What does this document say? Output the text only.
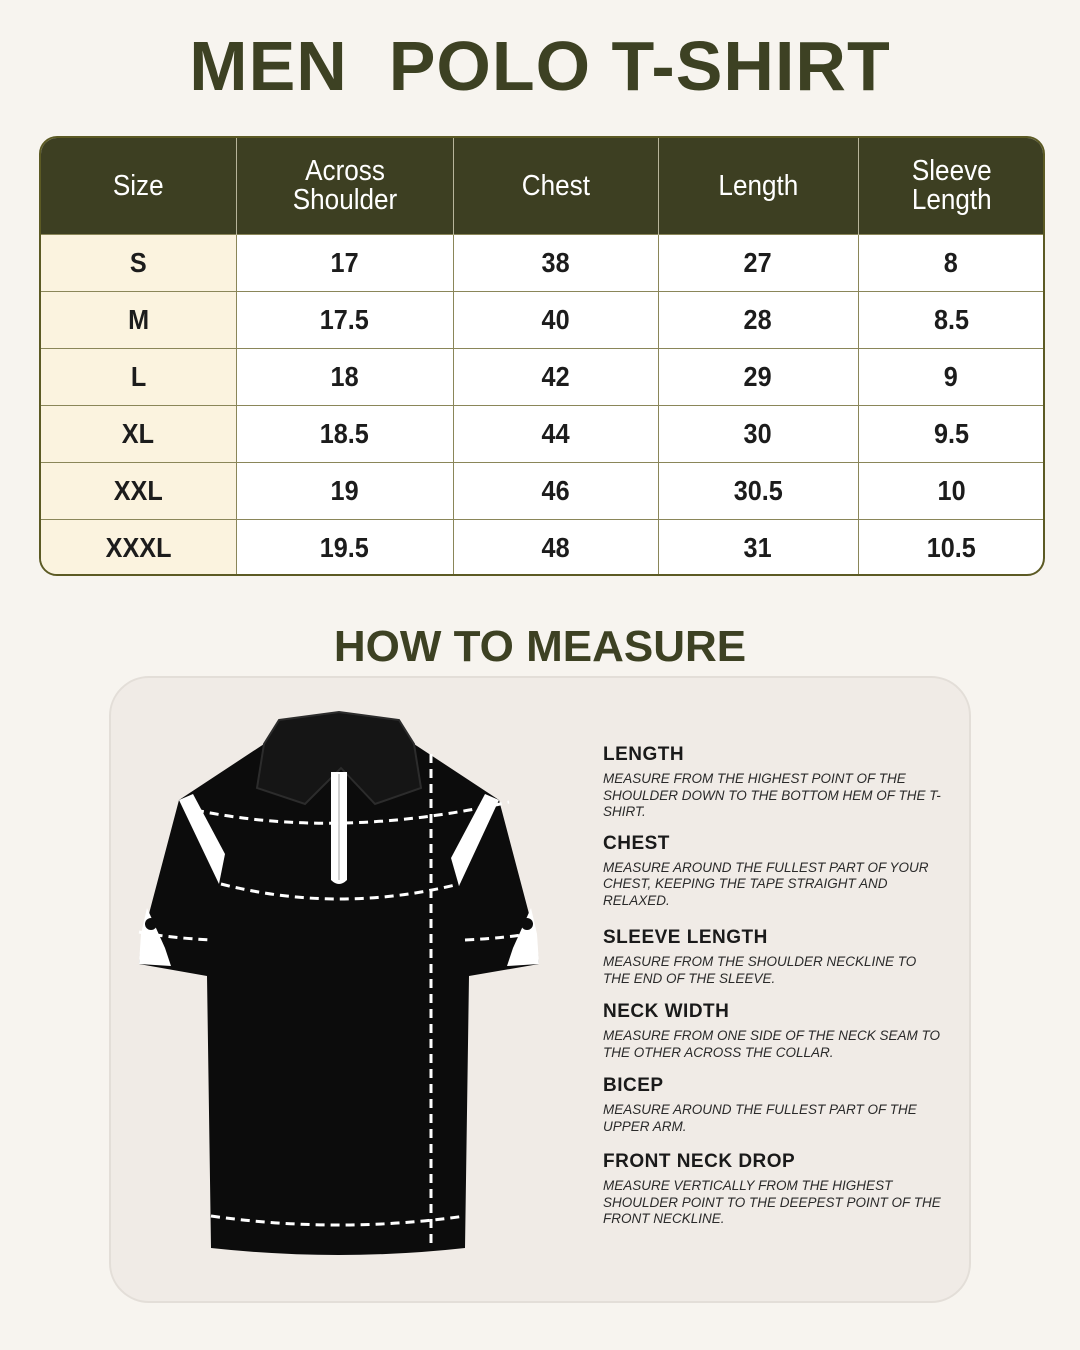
MEN  POLO T-SHIRT
Size	Across Shoulder	Chest	Length	Sleeve Length
S	17	38	27	8
M	17.5	40	28	8.5
L	18	42	29	9
XL	18.5	44	30	9.5
XXL	19	46	30.5	10
XXXL	19.5	48	31	10.5
HOW TO MEASURE
LENGTH
MEASURE FROM THE HIGHEST POINT OF THE SHOULDER DOWN TO THE BOTTOM HEM OF THE T-SHIRT.
CHEST
MEASURE AROUND THE FULLEST PART OF YOUR CHEST, KEEPING THE TAPE STRAIGHT AND RELAXED.
SLEEVE LENGTH
MEASURE FROM THE SHOULDER NECKLINE TO THE END OF THE SLEEVE.
NECK WIDTH
MEASURE FROM ONE SIDE OF THE NECK SEAM TO THE OTHER ACROSS THE COLLAR.
BICEP
MEASURE AROUND THE FULLEST PART OF THE UPPER ARM.
FRONT NECK DROP
MEASURE VERTICALLY FROM THE HIGHEST SHOULDER POINT TO THE DEEPEST POINT OF THE FRONT NECKLINE.
